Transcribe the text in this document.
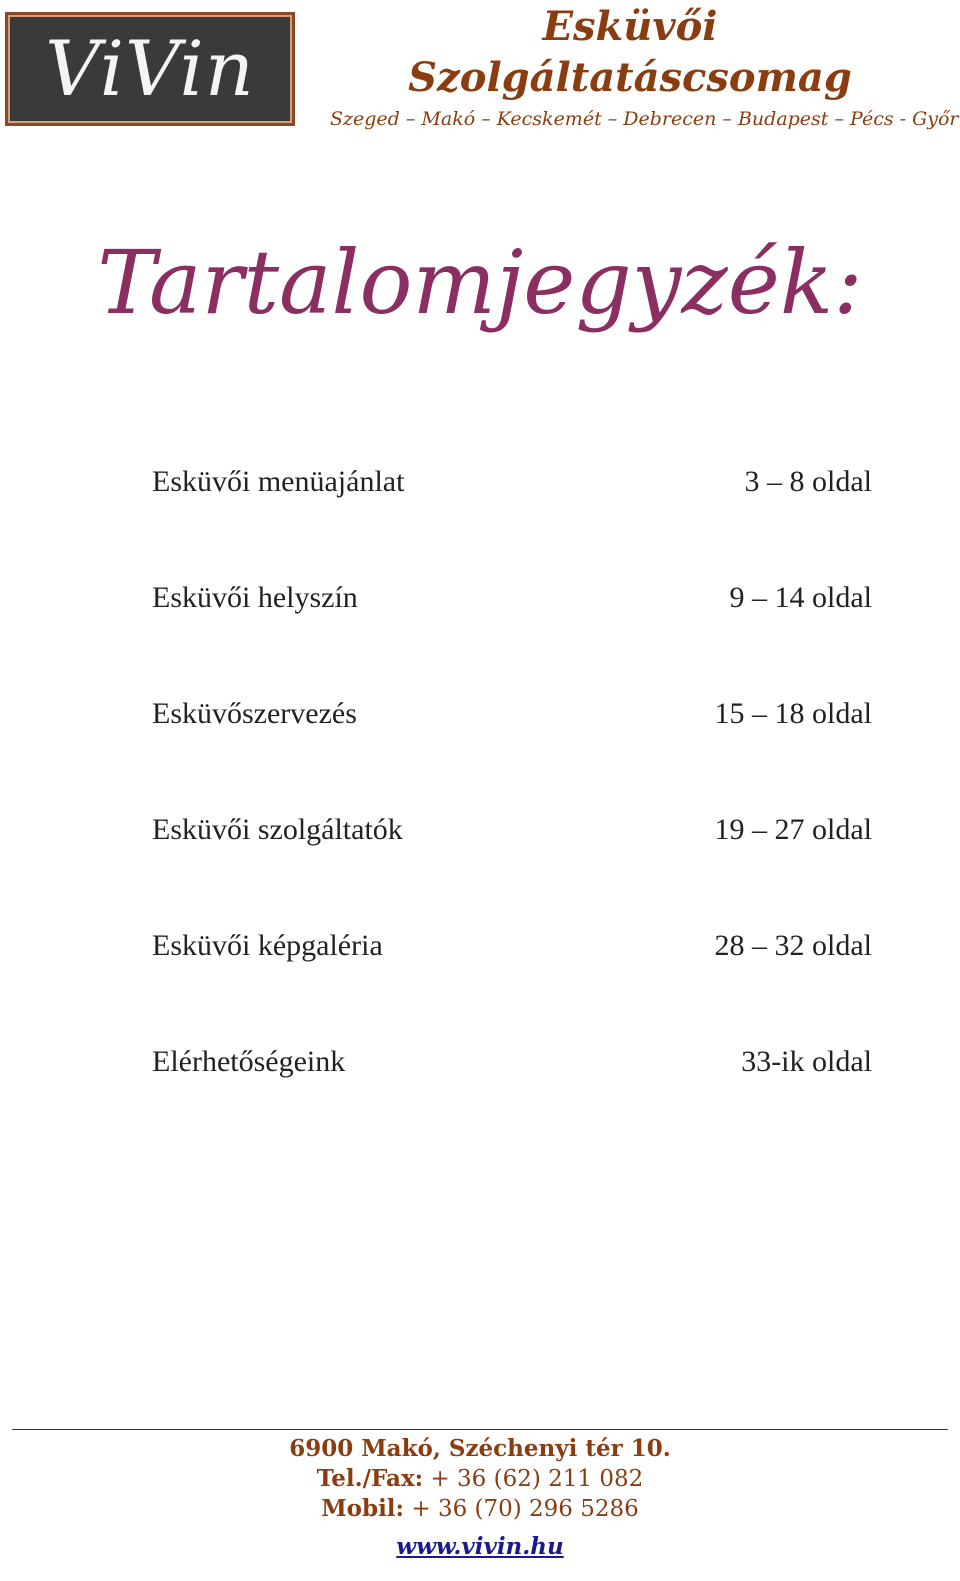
ViVin	Esküvői
Szolgáltatáscsomag
Szeged – Makó – Kecskemét – Debrecen – Budapest – Pécs - Győr
Tartalomjegyzék:
Esküvői menüajánlat	3 – 8 oldal
Esküvői helyszín	9 – 14 oldal
Esküvőszervezés	15 – 18 oldal
Esküvői szolgáltatók	19 – 27 oldal
Esküvői képgaléria	28 – 32 oldal
Elérhetőségeink	33-ik oldal
6900 Makó, Széchenyi tér 10.
Tel./Fax: + 36 (62) 211 082
Mobil: + 36 (70) 296 5286
www.vivin.hu
